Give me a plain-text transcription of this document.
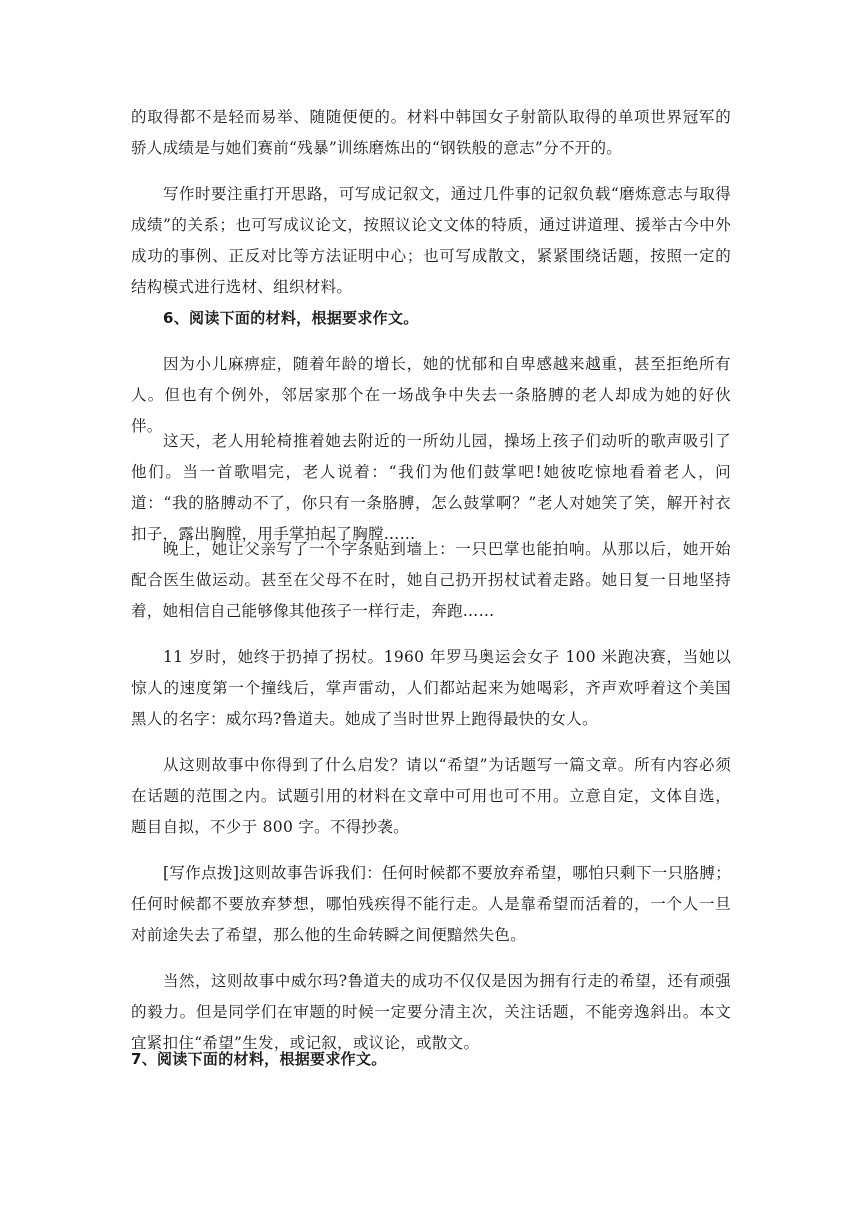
的取得都不是轻而易举、随随便便的。材料中韩国女子射箭队取得的单项世界冠军的骄人成绩是与她们赛前“残暴”训练磨炼出的“钢铁般的意志”分不开的。

写作时要注重打开思路，可写成记叙文，通过几件事的记叙负载“磨炼意志与取得成绩”的关系；也可写成议论文，按照议论文文体的特质，通过讲道理、援举古今中外成功的事例、正反对比等方法证明中心；也可写成散文，紧紧围绕话题，按照一定的结构模式进行选材、组织材料。

6、阅读下面的材料，根据要求作文。

因为小儿麻痹症，随着年龄的增长，她的忧郁和自卑感越来越重，甚至拒绝所有人。但也有个例外，邻居家那个在一场战争中失去一条胳膊的老人却成为她的好伙伴。

这天，老人用轮椅推着她去附近的一所幼儿园，操场上孩子们动听的歌声吸引了他们。当一首歌唱完，老人说着：“我们为他们鼓掌吧!她彼吃惊地看着老人，问道：“我的胳膊动不了，你只有一条胳膊，怎么鼓掌啊？”老人对她笑了笑，解开衬衣扣子，露出胸膛，用手掌拍起了胸膛……

晚上，她让父亲写了一个字条贴到墙上：一只巴掌也能拍响。从那以后，她开始配合医生做运动。甚至在父母不在时，她自己扔开拐杖试着走路。她日复一日地坚持着，她相信自己能够像其他孩子一样行走，奔跑……

11 岁时，她终于扔掉了拐杖。1960 年罗马奥运会女子 100 米跑决赛，当她以惊人的速度第一个撞线后，掌声雷动，人们都站起来为她喝彩，齐声欢呼着这个美国黑人的名字：威尔玛?鲁道夫。她成了当时世界上跑得最快的女人。

从这则故事中你得到了什么启发？请以“希望”为话题写一篇文章。所有内容必须在话题的范围之内。试题引用的材料在文章中可用也可不用。立意自定，文体自选，题目自拟，不少于 800 字。不得抄袭。

[写作点拨]这则故事告诉我们：任何时候都不要放弃希望，哪怕只剩下一只胳膊；任何时候都不要放弃梦想，哪怕残疾得不能行走。人是靠希望而活着的，一个人一旦对前途失去了希望，那么他的生命转瞬之间便黯然失色。

当然，这则故事中威尔玛?鲁道夫的成功不仅仅是因为拥有行走的希望，还有顽强的毅力。但是同学们在审题的时候一定要分清主次，关注话题，不能旁逸斜出。本文宜紧扣住“希望”生发，或记叙，或议论，或散文。

7、阅读下面的材料，根据要求作文。
